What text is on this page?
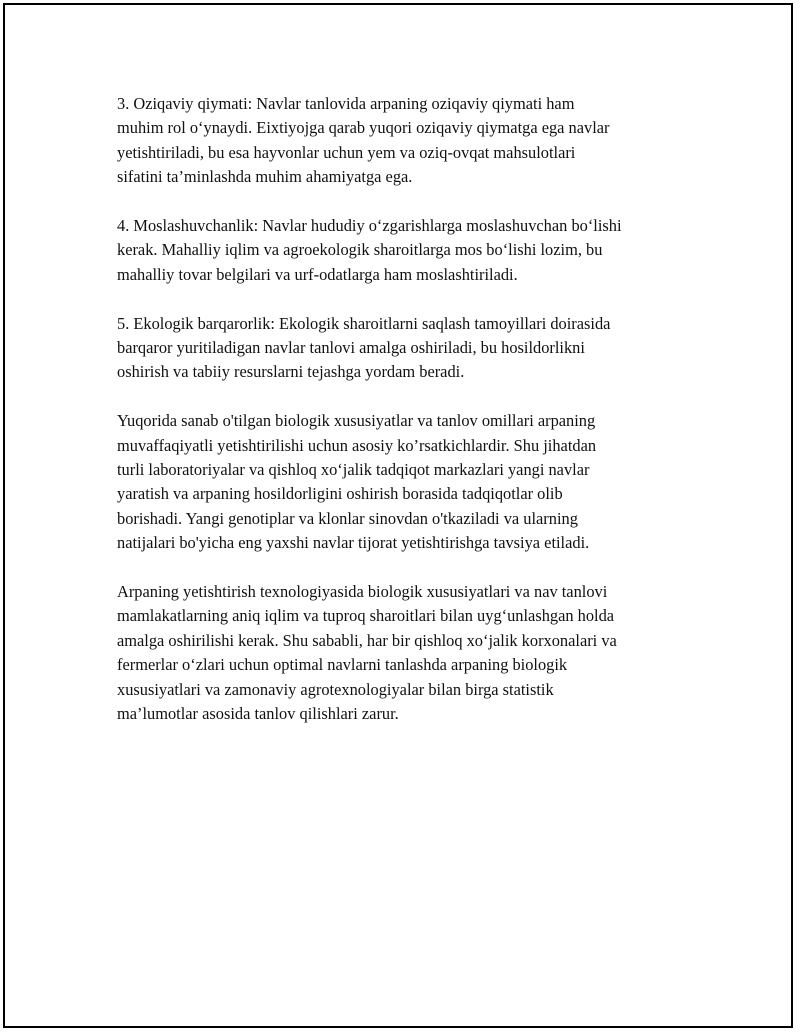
3. Oziqaviy qiymati: Navlar tanlovida arpaning oziqaviy qiymati ham
muhim rol o‘ynaydi. Eixtiyojga qarab yuqori oziqaviy qiymatga ega navlar
yetishtiriladi, bu esa hayvonlar uchun yem va oziq-ovqat mahsulotlari
sifatini ta’minlashda muhim ahamiyatga ega.

4. Moslashuvchanlik: Navlar hududiy o‘zgarishlarga moslashuvchan bo‘lishi
kerak. Mahalliy iqlim va agroekologik sharoitlarga mos bo‘lishi lozim, bu
mahalliy tovar belgilari va urf-odatlarga ham moslashtiriladi.

5. Ekologik barqarorlik: Ekologik sharoitlarni saqlash tamoyillari doirasida
barqaror yuritiladigan navlar tanlovi amalga oshiriladi, bu hosildorlikni
oshirish va tabiiy resurslarni tejashga yordam beradi.

Yuqorida sanab o'tilgan biologik xususiyatlar va tanlov omillari arpaning
muvaffaqiyatli yetishtirilishi uchun asosiy ko’rsatkichlardir. Shu jihatdan
turli laboratoriyalar va qishloq xo‘jalik tadqiqot markazlari yangi navlar
yaratish va arpaning hosildorligini oshirish borasida tadqiqotlar olib
borishadi. Yangi genotiplar va klonlar sinovdan o'tkaziladi va ularning
natijalari bo'yicha eng yaxshi navlar tijorat yetishtirishga tavsiya etiladi.

Arpaning yetishtirish texnologiyasida biologik xususiyatlari va nav tanlovi
mamlakatlarning aniq iqlim va tuproq sharoitlari bilan uyg‘unlashgan holda
amalga oshirilishi kerak. Shu sababli, har bir qishloq xo‘jalik korxonalari va
fermerlar o‘zlari uchun optimal navlarni tanlashda arpaning biologik
xususiyatlari va zamonaviy agrotexnologiyalar bilan birga statistik
ma’lumotlar asosida tanlov qilishlari zarur.
